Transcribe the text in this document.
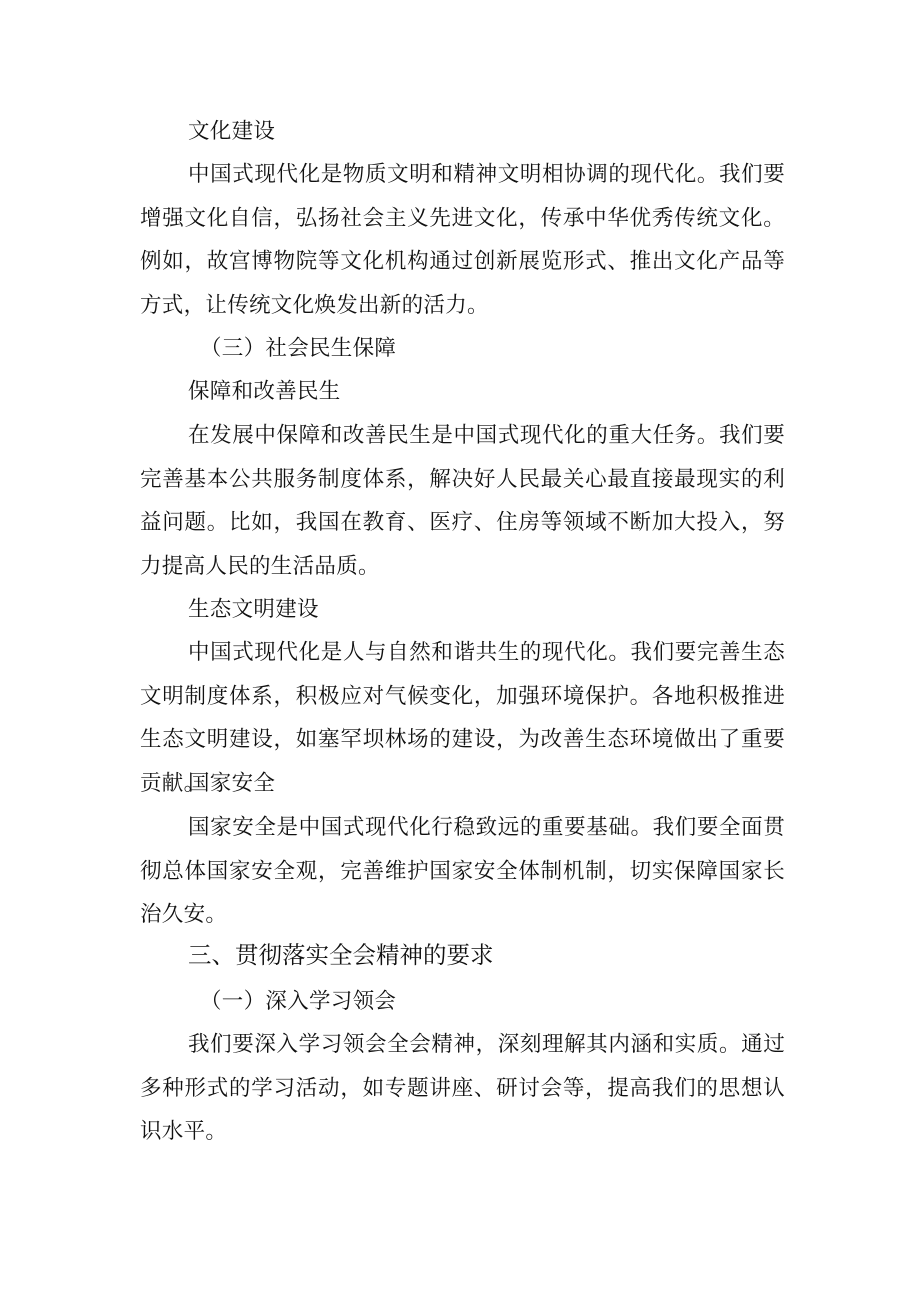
文化建设

中国式现代化是物质文明和精神文明相协调的现代化。我们要增强文化自信，弘扬社会主义先进文化，传承中华优秀传统文化。例如，故宫博物院等文化机构通过创新展览形式、推出文化产品等方式，让传统文化焕发出新的活力。

（三）社会民生保障

保障和改善民生

在发展中保障和改善民生是中国式现代化的重大任务。我们要完善基本公共服务制度体系，解决好人民最关心最直接最现实的利益问题。比如，我国在教育、医疗、住房等领域不断加大投入，努力提高人民的生活品质。

生态文明建设

中国式现代化是人与自然和谐共生的现代化。我们要完善生态文明制度体系，积极应对气候变化，加强环境保护。各地积极推进生态文明建设，如塞罕坝林场的建设，为改善生态环境做出了重要贡献。

国家安全

国家安全是中国式现代化行稳致远的重要基础。我们要全面贯彻总体国家安全观，完善维护国家安全体制机制，切实保障国家长治久安。

三、贯彻落实全会精神的要求

（一）深入学习领会

我们要深入学习领会全会精神，深刻理解其内涵和实质。通过多种形式的学习活动，如专题讲座、研讨会等，提高我们的思想认识水平。
